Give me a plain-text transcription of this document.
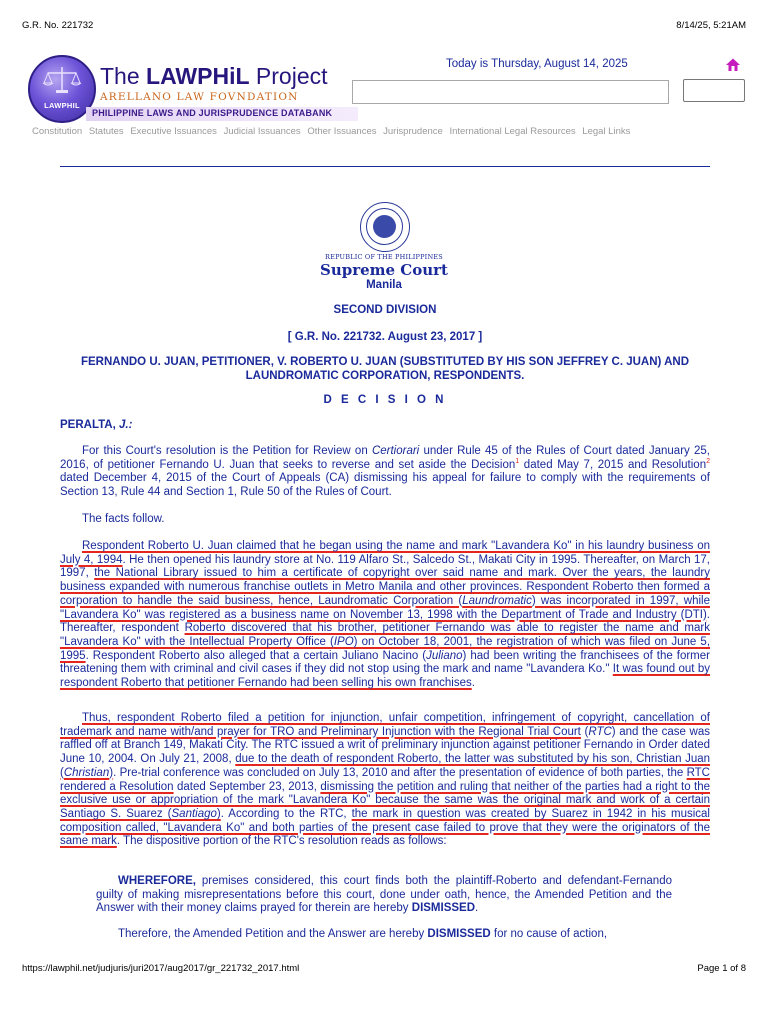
G.R. No. 221732	8/14/25, 5:21AM
LAWPHIL
The LAWPHiL Project
ARELLANO LAW FOVNDATION
PHILIPPINE LAWS AND JURISPRUDENCE DATABANK
Today is Thursday, August 14, 2025
Constitution Statutes Executive Issuances Judicial Issuances Other Issuances Jurisprudence International Legal Resources Legal Links
REPUBLIC OF THE PHILIPPINES
Supreme Court
Manila
SECOND DIVISION
[ G.R. No. 221732. August 23, 2017 ]
FERNANDO U. JUAN, PETITIONER, V. ROBERTO U. JUAN (SUBSTITUTED BY HIS SON JEFFREY C. JUAN) AND LAUNDROMATIC CORPORATION, RESPONDENTS.
D E C I S I O N
PERALTA, J.:
For this Court's resolution is the Petition for Review on Certiorari under Rule 45 of the Rules of Court dated January 25, 2016, of petitioner Fernando U. Juan that seeks to reverse and set aside the Decision$^1$ dated May 7, 2015 and Resolution$^2$ dated December 4, 2015 of the Court of Appeals (CA) dismissing his appeal for failure to comply with the requirements of Section 13, Rule 44 and Section 1, Rule 50 of the Rules of Court.
The facts follow.
Respondent Roberto U. Juan claimed that he began using the name and mark "Lavandera Ko" in his laundry business on July 4, 1994. He then opened his laundry store at No. 119 Alfaro St., Salcedo St., Makati City in 1995. Thereafter, on March 17, 1997, the National Library issued to him a certificate of copyright over said name and mark. Over the years, the laundry business expanded with numerous franchise outlets in Metro Manila and other provinces. Respondent Roberto then formed a corporation to handle the said business, hence, Laundromatic Corporation (Laundromatic) was incorporated in 1997, while "Lavandera Ko" was registered as a business name on November 13, 1998 with the Department of Trade and Industry (DTI). Thereafter, respondent Roberto discovered that his brother, petitioner Fernando was able to register the name and mark "Lavandera Ko" with the Intellectual Property Office (IPO) on October 18, 2001, the registration of which was filed on June 5, 1995. Respondent Roberto also alleged that a certain Juliano Nacino (Juliano) had been writing the franchisees of the former threatening them with criminal and civil cases if they did not stop using the mark and name "Lavandera Ko." It was found out by respondent Roberto that petitioner Fernando had been selling his own franchises.
Thus, respondent Roberto filed a petition for injunction, unfair competition, infringement of copyright, cancellation of trademark and name with/and prayer for TRO and Preliminary Injunction with the Regional Trial Court (RTC) and the case was raffled off at Branch 149, Makati City. The RTC issued a writ of preliminary injunction against petitioner Fernando in Order dated June 10, 2004. On July 21, 2008, due to the death of respondent Roberto, the latter was substituted by his son, Christian Juan (Christian). Pre-trial conference was concluded on July 13, 2010 and after the presentation of evidence of both parties, the RTC rendered a Resolution dated September 23, 2013, dismissing the petition and ruling that neither of the parties had a right to the exclusive use or appropriation of the mark "Lavandera Ko" because the same was the original mark and work of a certain Santiago S. Suarez (Santiago). According to the RTC, the mark in question was created by Suarez in 1942 in his musical composition called, "Lavandera Ko" and both parties of the present case failed to prove that they were the originators of the same mark. The dispositive portion of the RTC's resolution reads as follows:
WHEREFORE, premises considered, this court finds both the plaintiff-Roberto and defendant-Fernando guilty of making misrepresentations before this court, done under oath, hence, the Amended Petition and the Answer with their money claims prayed for therein are hereby DISMISSED.
Therefore, the Amended Petition and the Answer are hereby DISMISSED for no cause of action,
https://lawphil.net/judjuris/juri2017/aug2017/gr_221732_2017.html	Page 1 of 8
